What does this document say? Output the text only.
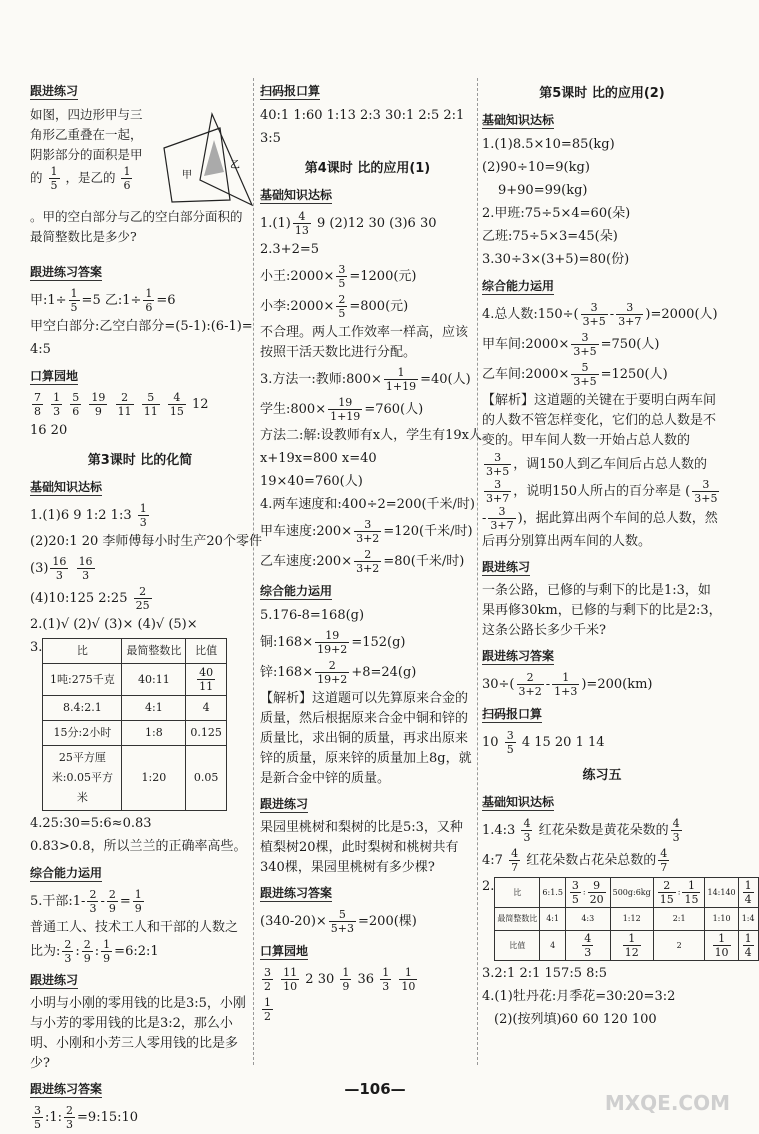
跟进练习
如图，四边形甲与三角形乙重叠在一起，阴影部分的面积是甲的 $\frac{1}{5}$ ，是乙的 $\frac{1}{6}$	甲
乙
。甲的空白部分与乙的空白部分面积的最简整数比是多少?
跟进练习答案
甲:1÷ $\frac{1}{5} =5$ 乙:1÷ $\frac{1}{6} =6$
甲空白部分:乙空白部分=(5-1):(6-1)=
4:5
口算园地
$\frac{7}{8}$
$\frac{1}{3}$
$\frac{5}{6}$
$\frac{19}{9}$
$\frac{2}{11}$
$\frac{5}{11}$
$\frac{4}{15} 12$
16 20
第3课时 比的化简
基础知识达标
1.(1)6 9 1:2 1:3 $\frac{1}{3}$
(2)20:1 20 李师傅每小时生产20个零件
$(3) \frac{16}{3}$
$\frac{16}{3}$
(4)10:125 2:25 $\frac{2}{25}$
2.(1)√ (2)√ (3)× (4)√ (5)×
3.	比	最简整数比	比值
1吨:275千克	40:11	$\frac{40}{11}$

8.4:2.1	4:1	4
15分:2小时	1:8	0.125
25平方厘米:0.05平方米	1:20	0.05
4.25:30=5:6≈0.83
0.83>0.8，所以兰兰的正确率高些。
综合能力运用
5.干部:1- $\frac{2}{3} - \frac{2}{9} = \frac{1}{9}$
普通工人、技术工人和干部的人数之比为: $\frac{2}{3}$ : $\frac{2}{9}$ : $\frac{1}{9}$ =6:2:1
跟进练习
小明与小刚的零用钱的比是3:5，小刚与小芳的零用钱的比是3:2，那么小明、小刚和小芳三人零用钱的比是多少?
跟进练习答案
$\frac{3}{5}$ :1: $\frac{2}{3}$ =9:15:10
扫码报口算
40:1 1:60 1:13 2:3 30:1 2:5 2:1
3:5
第4课时 比的应用(1)
基础知识达标
$1.(1) \frac{4}{13} 9$ (2)12 30 (3)6 30
2.3+2=5
小王:2000× $\frac{3}{5} =1200$(元)
小李:2000× $\frac{2}{5} =800$(元)
不合理。两人工作效率一样高，应该按照干活天数比进行分配。
3.方法一:教师:800× $\frac{1}{1+19} =40$(人)
学生:800× $\frac{19}{1+19} =760$(人)
方法二:解:设教师有x人，学生有19x人。
x+19x=800 x=40
19×40=760(人)
4.两车速度和:400÷2=200(千米/时)
甲车速度:200× $\frac{3}{3+2} =120$(千米/时)
乙车速度:200× $\frac{2}{3+2} =80$(千米/时)
综合能力运用
5.176-8=168(g)
铜:168× $\frac{19}{19+2} =152(g)$
锌:168× $\frac{2}{19+2} +8=24(g)$
【解析】这道题可以先算原来合金的质量，然后根据原来合金中铜和锌的质量比，求出铜的质量，再求出原来锌的质量，原来锌的质量加上8g，就是新合金中锌的质量。
跟进练习
果园里桃树和梨树的比是5:3，又种植梨树20棵，此时梨树和桃树共有340棵，果园里桃树有多少棵?
跟进练习答案
$(340-20)\times \frac{5}{5+3} =200$(棵)
口算园地
$\frac{3}{2}$
$\frac{11}{10} 2$ $30 \frac{1}{9} 36 \frac{1}{3}$
$\frac{1}{10}$
$\frac{1}{2}$
第5课时 比的应用(2)
基础知识达标
1.(1)8.5×10=85(kg)
(2)90÷10=9(kg)
9+90=99(kg)
2.甲班:75÷5×4=60(朵)
乙班:75÷5×3=45(朵)
3.30÷3×(3+5)=80(份)
综合能力运用
4.总人数:150÷( $\frac{3}{3+5} - \frac{3}{3+7} )=2000$(人)
甲车间:2000× $\frac{3}{3+5} =750$(人)
乙车间:2000× $\frac{5}{3+5} =1250$(人)
【解析】这道题的关键在于要明白两车间的人数不管怎样变化，它们的总人数是不变的。甲车间人数一开始占总人数的
$\frac{3}{3+5}$ ，调150人到乙车间后占总人数的
$\frac{3}{3+7}$ ，说明150人所占的百分率是 ( $\frac{3}{3+5}$
- $\frac{3}{3+7}$ )，据此算出两个车间的总人数，然后再分别算出两车间的人数。
跟进练习
一条公路，已修的与剩下的比是1:3，如果再修30km，已修的与剩下的比是2:3，这条公路长多少千米?
跟进练习答案
$30\div( \frac{2}{3+2} - \frac{1}{1+3} )=200(km)$
扫码报口算
$10 \frac{3}{5} 4$ 15 20 1 14
练习五
基础知识达标
1.4:3 $\frac{4}{3}$ 红花朵数是黄花朵数的 $\frac{4}{3}$
4:7 $\frac{4}{7}$ 红花朵数占花朵总数的 $\frac{4}{7}$
2. 比	6:1.5	$\frac{3}{5}$ : $\frac{9}{20}$	500g:6kg	$\frac{2}{15}$ : $\frac{1}{15}$	14:140	$\frac{1}{4}$

最简整数比	4:1	4:3	1:12	2:1	1:10	1:4
比值	4	$\frac{4}{3}$	$\frac{1}{12}$	2	$\frac{1}{10}$	$\frac{1}{4}$
3.2:1 2:1 157:5 8:5
4.(1)牡丹花:月季花=30:20=3:2
(2)(按列填)60 60 120 100
—106—
MXQE.COM
